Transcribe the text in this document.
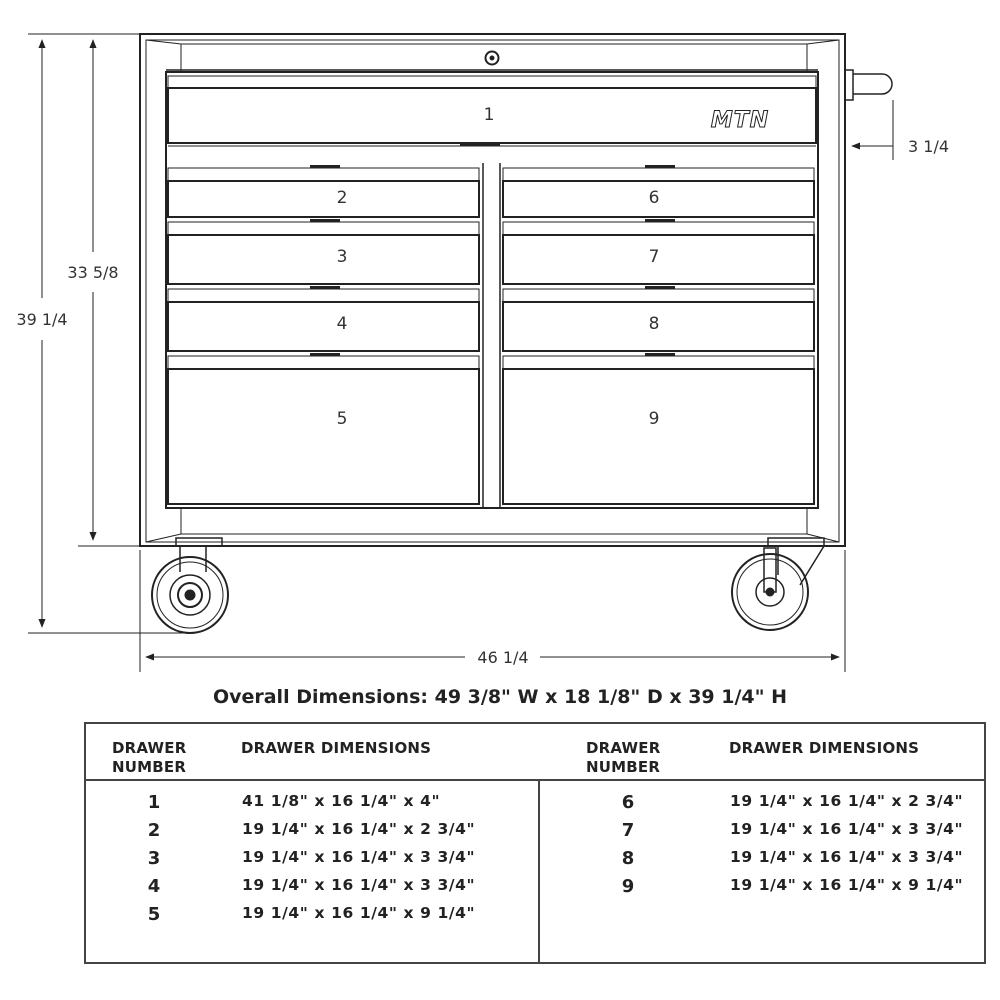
MTN
1
2
3
4
5
6
7
8
9
39 1/4
33 5/8
3 1/4
46 1/4
Overall Dimensions: 49 3/8" W x 18 1/8" D x 39 1/4" H
DRAWER
NUMBER
DRAWER DIMENSIONS
1	41 1/8" x 16 1/4" x 4"
2	19 1/4" x 16 1/4" x 2 3/4"
3	19 1/4" x 16 1/4" x 3 3/4"
4	19 1/4" x 16 1/4" x 3 3/4"
5	19 1/4" x 16 1/4" x 9 1/4"
DRAWER
NUMBER
DRAWER DIMENSIONS
6	19 1/4" x 16 1/4" x 2 3/4"
7	19 1/4" x 16 1/4" x 3 3/4"
8	19 1/4" x 16 1/4" x 3 3/4"
9	19 1/4" x 16 1/4" x 9 1/4"
